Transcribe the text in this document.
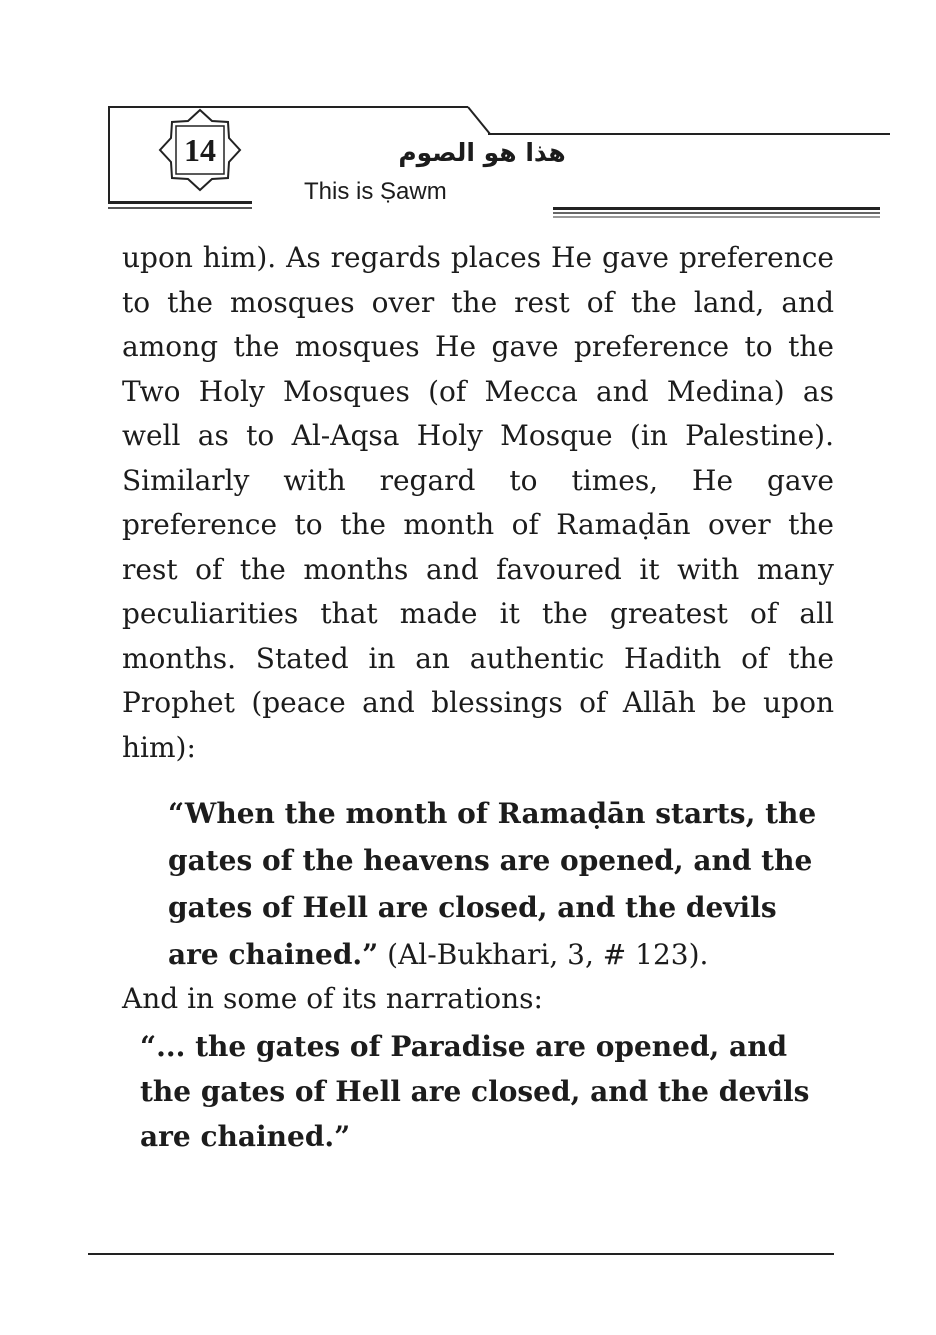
14	هذا هو الصوم
This is Ṣawm
upon him). As regards places He gave preference to the mosques over the rest of the land, and among the mosques He gave preference to the Two Holy Mosques (of Mecca and Medina) as well as to Al-Aqsa Holy Mosque (in Palestine). Similarly with regard to times, He gave preference to the month of Ramaḍān over the rest of the months and favoured it with many peculiarities that made it the greatest of all months. Stated in an authentic Hadith of the Prophet (peace and blessings of Allāh be upon him):
“When the month of Ramaḍān starts, the gates of the heavens are opened, and the gates of Hell are closed, and the devils are chained.” (Al-Bukhari, 3, # 123).
And in some of its narrations:
“... the gates of Paradise are opened, and the gates of Hell are closed, and the devils are chained.”
